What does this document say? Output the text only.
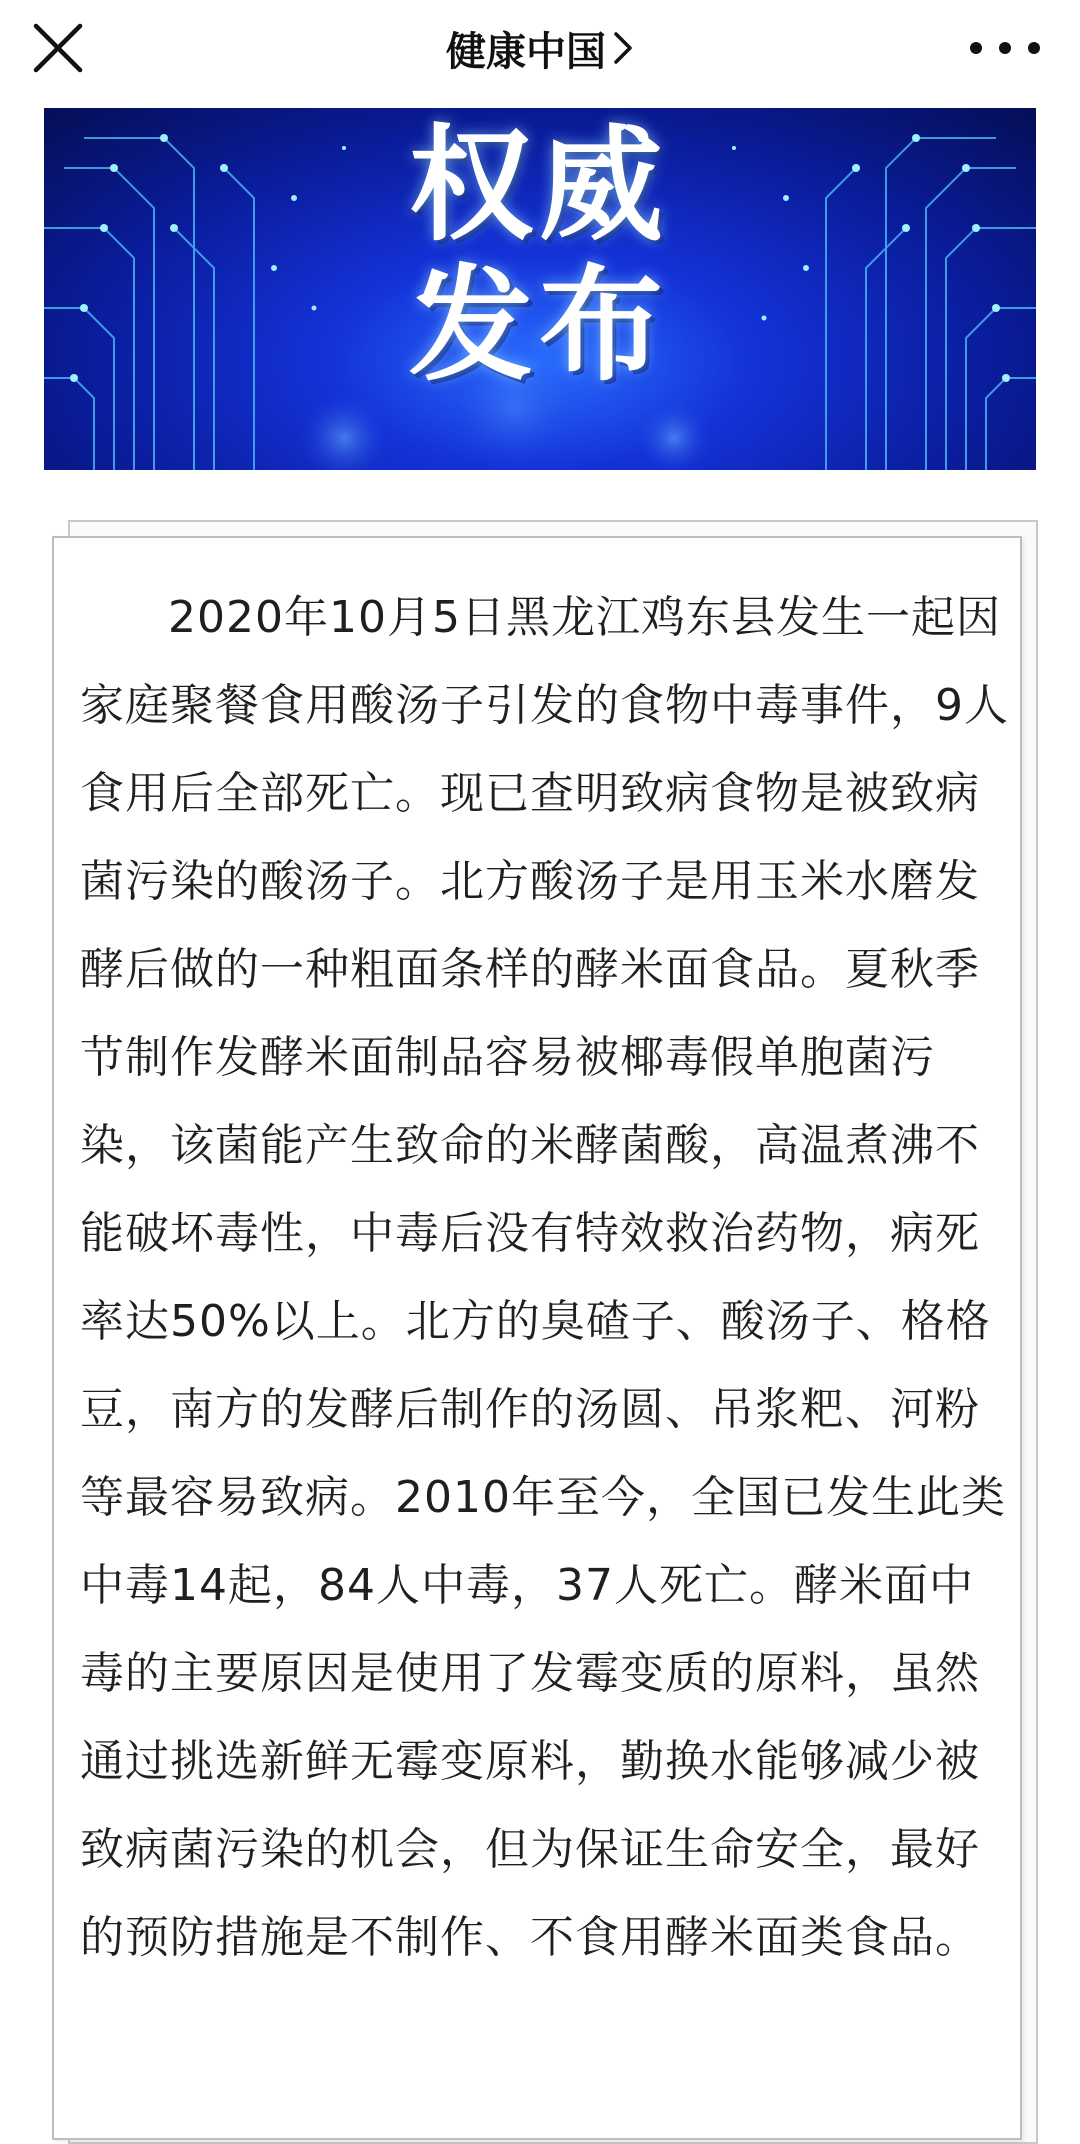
健康中国
权威
发布

2020年10月5日黑龙江鸡东县发生一起因家庭聚餐食用酸汤子引发的食物中毒事件，9人食用后全部死亡。现已查明致病食物是被致病菌污染的酸汤子。北方酸汤子是用玉米水磨发酵后做的一种粗面条样的酵米面食品。夏秋季节制作发酵米面制品容易被椰毒假单胞菌污染，该菌能产生致命的米酵菌酸，高温煮沸不能破坏毒性，中毒后没有特效救治药物，病死率达50%以上。北方的臭碴子、酸汤子、格格豆，南方的发酵后制作的汤圆、吊浆粑、河粉等最容易致病。2010年至今，全国已发生此类中毒14起，84人中毒，37人死亡。酵米面中毒的主要原因是使用了发霉变质的原料，虽然通过挑选新鲜无霉变原料，勤换水能够减少被致病菌污染的机会，但为保证生命安全，最好的预防措施是不制作、不食用酵米面类食品。
